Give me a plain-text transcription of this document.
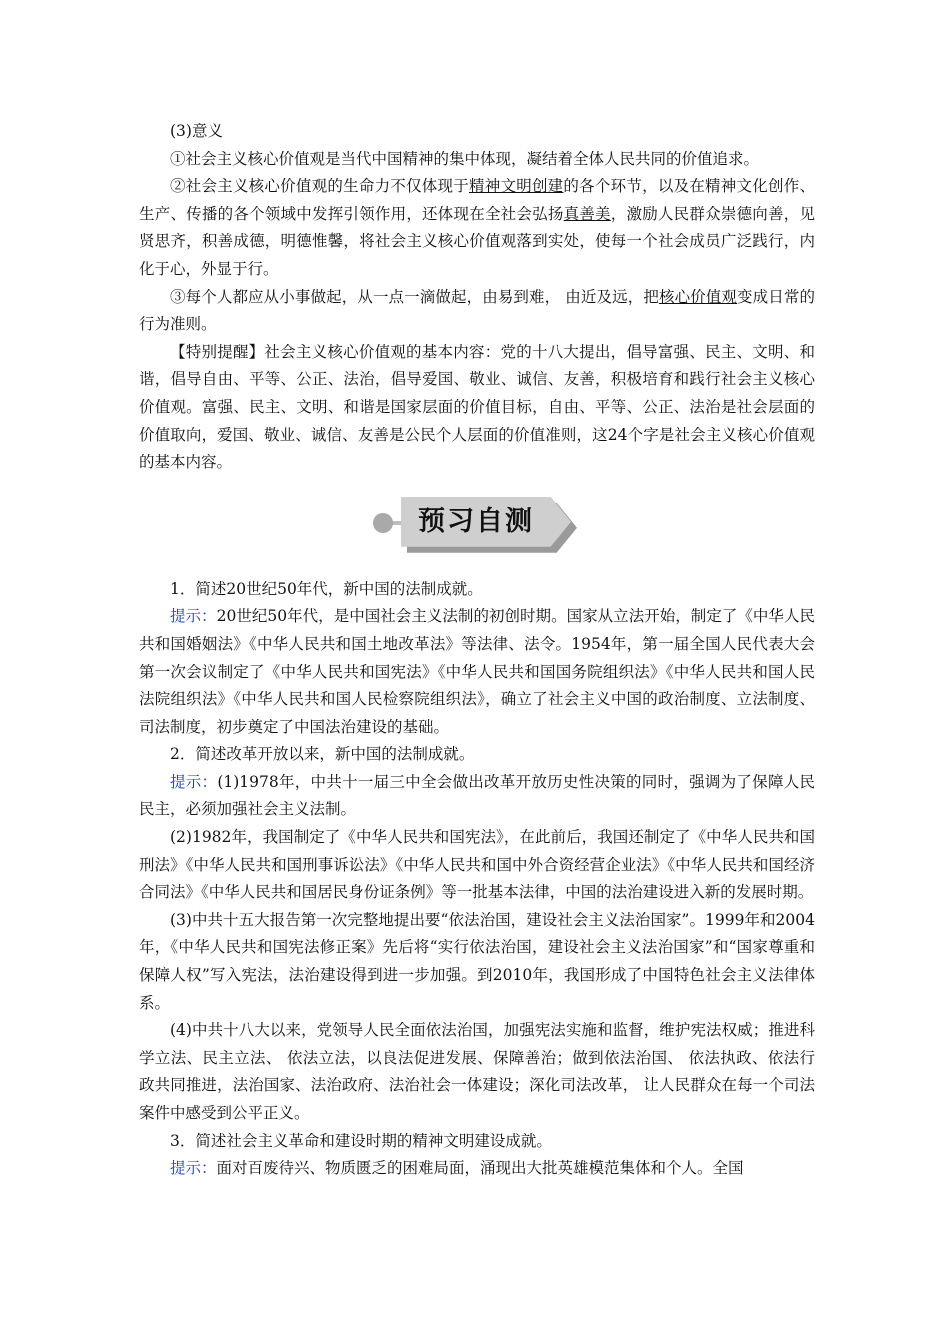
(3)意义

①社会主义核心价值观是当代中国精神的集中体现，凝结着全体人民共同的价值追求。

②社会主义核心价值观的生命力不仅体现于精神文明创建的各个环节，以及在精神文化创作、生产、传播的各个领域中发挥引领作用，还体现在全社会弘扬真善美，激励人民群众崇德向善，见贤思齐，积善成德，明德惟馨，将社会主义核心价值观落到实处，使每一个社会成员广泛践行，内化于心，外显于行。

③每个人都应从小事做起，从一点一滴做起，由易到难， 由近及远，把核心价值观变成日常的行为准则。

【特别提醒】社会主义核心价值观的基本内容：党的十八大提出，倡导富强、民主、文明、和谐，倡导自由、平等、公正、法治，倡导爱国、敬业、诚信、友善，积极培育和践行社会主义核心价值观。富强、民主、文明、和谐是国家层面的价值目标，自由、平等、公正、法治是社会层面的价值取向，爱国、敬业、诚信、友善是公民个人层面的价值准则，这24个字是社会主义核心价值观的基本内容。

预习自测

1．简述20世纪50年代，新中国的法制成就。

提示：20世纪50年代，是中国社会主义法制的初创时期。国家从立法开始，制定了《中华人民共和国婚姻法》《中华人民共和国土地改革法》等法律、法令。1954年，第一届全国人民代表大会第一次会议制定了《中华人民共和国宪法》《中华人民共和国国务院组织法》《中华人民共和国人民法院组织法》《中华人民共和国人民检察院组织法》，确立了社会主义中国的政治制度、立法制度、司法制度，初步奠定了中国法治建设的基础。

2．简述改革开放以来，新中国的法制成就。

提示：(1)1978年，中共十一届三中全会做出改革开放历史性决策的同时，强调为了保障人民民主，必须加强社会主义法制。

(2)1982年，我国制定了《中华人民共和国宪法》，在此前后，我国还制定了《中华人民共和国刑法》《中华人民共和国刑事诉讼法》《中华人民共和国中外合资经营企业法》《中华人民共和国经济合同法》《中华人民共和国居民身份证条例》等一批基本法律，中国的法治建设进入新的发展时期。

(3)中共十五大报告第一次完整地提出要“依法治国，建设社会主义法治国家”。1999年和2004年，《中华人民共和国宪法修正案》先后将“实行依法治国，建设社会主义法治国家”和“国家尊重和保障人权”写入宪法，法治建设得到进一步加强。到2010年，我国形成了中国特色社会主义法律体系。

(4)中共十八大以来，党领导人民全面依法治国，加强宪法实施和监督，维护宪法权威；推进科学立法、民主立法、 依法立法，以良法促进发展、保障善治；做到依法治国、 依法执政、依法行政共同推进，法治国家、法治政府、法治社会一体建设；深化司法改革， 让人民群众在每一个司法案件中感受到公平正义。

3．简述社会主义革命和建设时期的精神文明建设成就。

提示：面对百废待兴、物质匮乏的困难局面，涌现出大批英雄模范集体和个人。全国
